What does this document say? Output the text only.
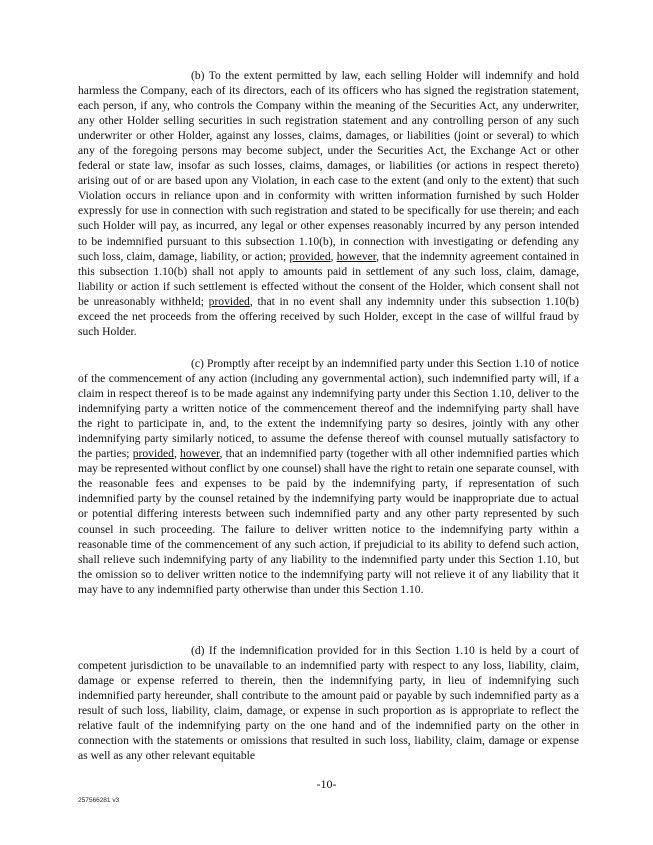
(b) To the extent permitted by law, each selling Holder will indemnify and hold harmless the Company, each of its directors, each of its officers who has signed the registration statement, each person, if any, who controls the Company within the meaning of the Securities Act, any underwriter, any other Holder selling securities in such registration statement and any controlling person of any such underwriter or other Holder, against any losses, claims, damages, or liabilities (joint or several) to which any of the foregoing persons may become subject, under the Securities Act, the Exchange Act or other federal or state law, insofar as such losses, claims, damages, or liabilities (or actions in respect thereto) arising out of or are based upon any Violation, in each case to the extent (and only to the extent) that such Violation occurs in reliance upon and in conformity with written information furnished by such Holder expressly for use in connection with such registration and stated to be specifically for use therein; and each such Holder will pay, as incurred, any legal or other expenses reasonably incurred by any person intended to be indemnified pursuant to this subsection 1.10(b), in connection with investigating or defending any such loss, claim, damage, liability, or action; provided, however, that the indemnity agreement contained in this subsection 1.10(b) shall not apply to amounts paid in settlement of any such loss, claim, damage, liability or action if such settlement is effected without the consent of the Holder, which consent shall not be unreasonably withheld; provided, that in no event shall any indemnity under this subsection 1.10(b) exceed the net proceeds from the offering received by such Holder, except in the case of willful fraud by such Holder.

(c) Promptly after receipt by an indemnified party under this Section 1.10 of notice of the commencement of any action (including any governmental action), such indemnified party will, if a claim in respect thereof is to be made against any indemnifying party under this Section 1.10, deliver to the indemnifying party a written notice of the commencement thereof and the indemnifying party shall have the right to participate in, and, to the extent the indemnifying party so desires, jointly with any other indemnifying party similarly noticed, to assume the defense thereof with counsel mutually satisfactory to the parties; provided, however, that an indemnified party (together with all other indemnified parties which may be represented without conflict by one counsel) shall have the right to retain one separate counsel, with the reasonable fees and expenses to be paid by the indemnifying party, if representation of such indemnified party by the counsel retained by the indemnifying party would be inappropriate due to actual or potential differing interests between such indemnified party and any other party represented by such counsel in such proceeding. The failure to deliver written notice to the indemnifying party within a reasonable time of the commencement of any such action, if prejudicial to its ability to defend such action, shall relieve such indemnifying party of any liability to the indemnified party under this Section 1.10, but the omission so to deliver written notice to the indemnifying party will not relieve it of any liability that it may have to any indemnified party otherwise than under this Section 1.10.

(d) If the indemnification provided for in this Section 1.10 is held by a court of competent jurisdiction to be unavailable to an indemnified party with respect to any loss, liability, claim, damage or expense referred to therein, then the indemnifying party, in lieu of indemnifying such indemnified party hereunder, shall contribute to the amount paid or payable by such indemnified party as a result of such loss, liability, claim, damage, or expense in such proportion as is appropriate to reflect the relative fault of the indemnifying party on the one hand and of the indemnified party on the other in connection with the statements or omissions that resulted in such loss, liability, claim, damage or expense as well as any other relevant equitable

-10-
257566281 v3
